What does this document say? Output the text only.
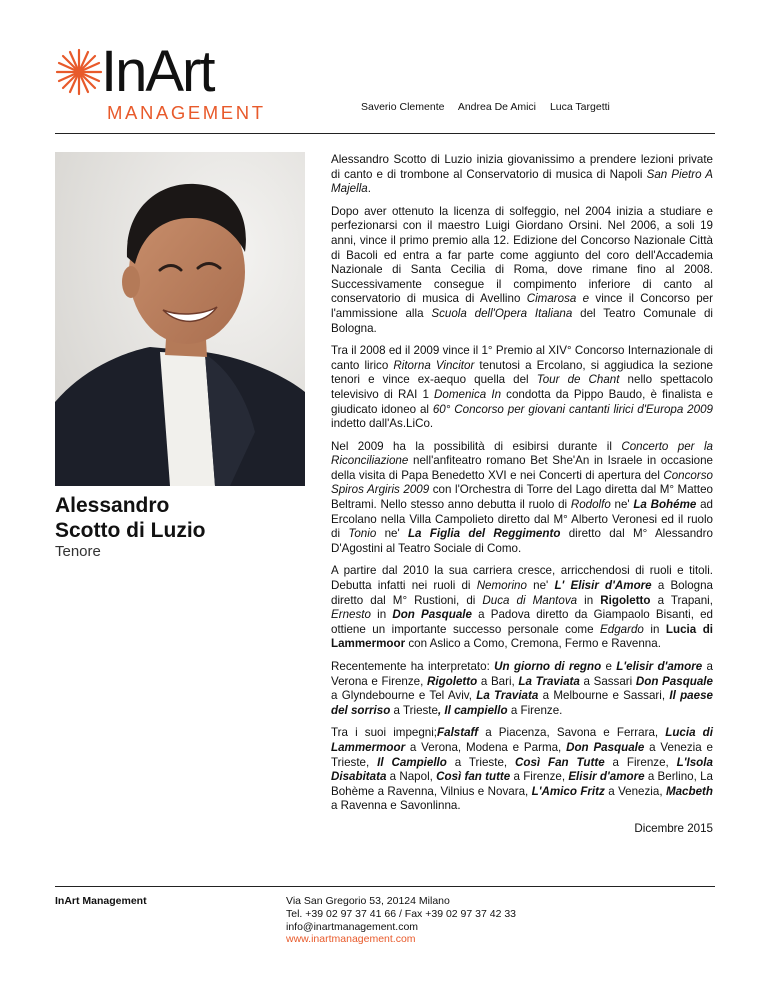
InArt
MANAGEMENT	Saverio Clemente Andrea De Amici Luca Targetti
Alessandro
Scotto di Luzio
Tenore

Alessandro Scotto di Luzio inizia giovanissimo a prendere lezioni private di canto e di trombone al Conservatorio di musica di Napoli San Pietro A Majella.

Dopo aver ottenuto la licenza di solfeggio, nel 2004 inizia a studiare e perfezionarsi con il maestro Luigi Giordano Orsini. Nel 2006, a soli 19 anni, vince il primo premio alla 12. Edizione del Concorso Nazionale Città di Bacoli ed entra a far parte come aggiunto del coro dell'Accademia Nazionale di Santa Cecilia di Roma, dove rimane fino al 2008. Successivamente consegue il compimento inferiore di canto al conservatorio di musica di Avellino Cimarosa e vince il Concorso per l'ammissione alla Scuola dell'Opera Italiana del Teatro Comunale di Bologna.

Tra il 2008 ed il 2009 vince il 1° Premio al XIV° Concorso Internazionale di canto lirico Ritorna Vincitor tenutosi a Ercolano, si aggiudica la sezione tenori e vince ex-aequo quella del Tour de Chant nello spettacolo televisivo di RAI 1 Domenica In condotta da Pippo Baudo, è finalista e giudicato idoneo al 60° Concorso per giovani cantanti lirici d'Europa 2009 indetto dall'As.LiCo.

Nel 2009 ha la possibilità di esibirsi durante il Concerto per la Riconciliazione nell'anfiteatro romano Bet She'An in Israele in occasione della visita di Papa Benedetto XVI e nei Concerti di apertura del Concorso Spiros Argiris 2009 con l'Orchestra di Torre del Lago diretta dal M° Matteo Beltrami. Nello stesso anno debutta il ruolo di Rodolfo ne' La Bohéme ad Ercolano nella Villa Campolieto diretto dal M° Alberto Veronesi ed il ruolo di Tonio ne' La Figlia del Reggimento diretto dal M° Alessandro D'Agostini al Teatro Sociale di Como.

A partire dal 2010 la sua carriera cresce, arricchendosi di ruoli e titoli. Debutta infatti nei ruoli di Nemorino ne' L' Elisir d'Amore a Bologna diretto dal M° Rustioni, di Duca di Mantova in Rigoletto a Trapani, Ernesto in Don Pasquale a Padova diretto da Giampaolo Bisanti, ed ottiene un importante successo personale come Edgardo in Lucia di Lammermoor con Aslico a Como, Cremona, Fermo e Ravenna.

Recentemente ha interpretato: Un giorno di regno e L'elisir d'amore a Verona e Firenze, Rigoletto a Bari, La Traviata a Sassari Don Pasquale a Glyndebourne e Tel Aviv, La Traviata a Melbourne e Sassari, Il paese del sorriso a Trieste, Il campiello a Firenze.

Tra i suoi impegni;Falstaff a Piacenza, Savona e Ferrara, Lucia di Lammermoor a Verona, Modena e Parma, Don Pasquale a Venezia e Trieste, Il Campiello a Trieste, Così Fan Tutte a Firenze, L'Isola Disabitata a Napol, Così fan tutte a Firenze, Elisir d'amore a Berlino, La Bohème a Ravenna, Vilnius e Novara, L'Amico Fritz a Venezia, Macbeth a Ravenna e Savonlinna.

Dicembre 2015
InArt Management	Via San Gregorio 53, 20124 Milano
Tel. +39 02 97 37 41 66 / Fax +39 02 97 37 42 33
info@inartmanagement.com
www.inartmanagement.com
